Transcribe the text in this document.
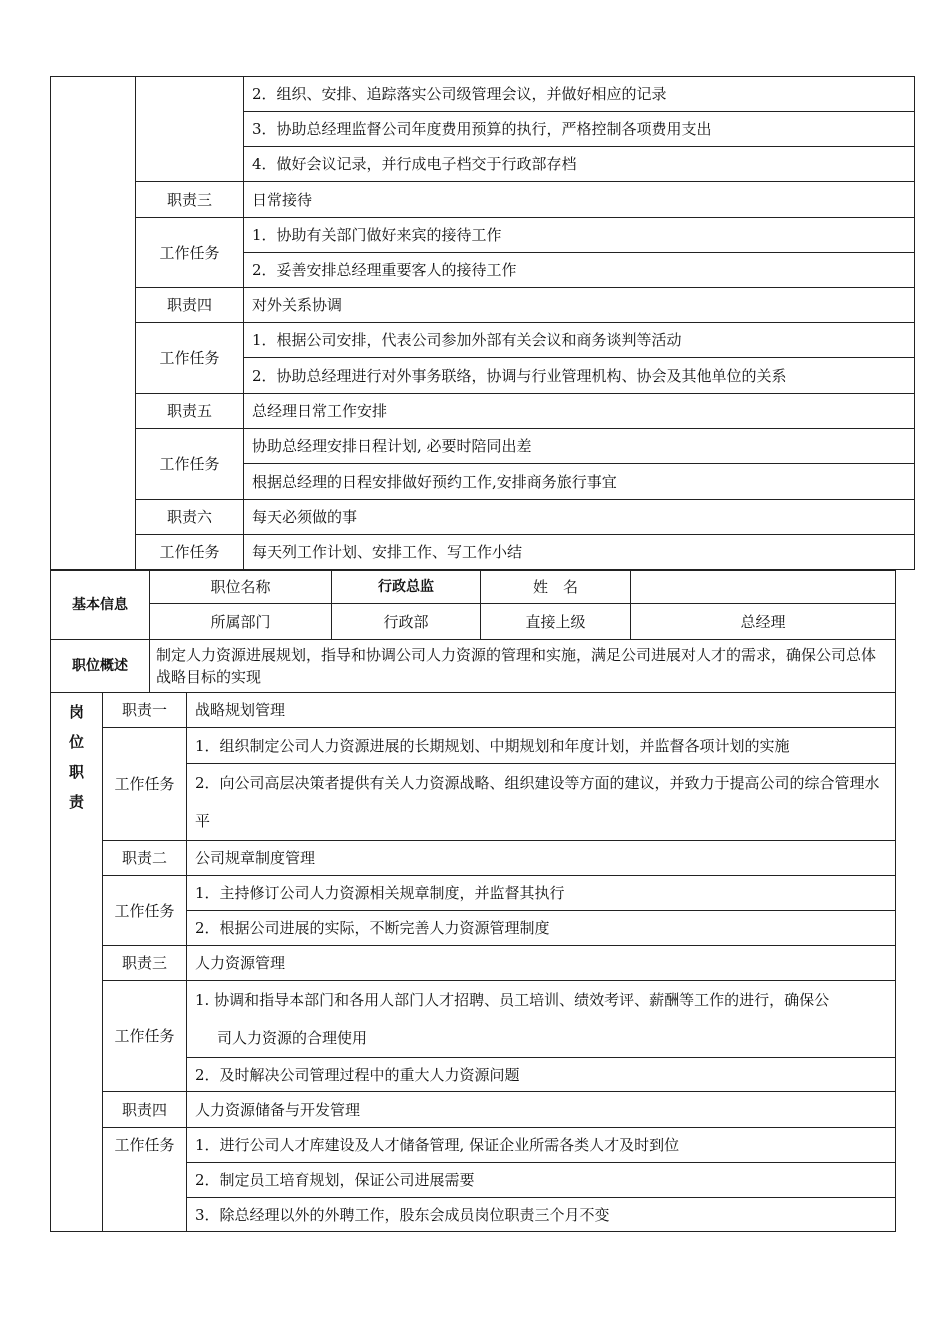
		2．组织、安排、追踪落实公司级管理会议，并做好相应的记录
		3．协助总经理监督公司年度费用预算的执行，严格控制各项费用支出
		4．做好会议记录，并行成电子档交于行政部存档
	职责三	日常接待
	工作任务	1．协助有关部门做好来宾的接待工作
		2．妥善安排总经理重要客人的接待工作
	职责四	对外关系协调
	工作任务	1．根据公司安排，代表公司参加外部有关会议和商务谈判等活动
		2．协助总经理进行对外事务联络，协调与行业管理机构、协会及其他单位的关系
	职责五	总经理日常工作安排
	工作任务	协助总经理安排日程计划, 必要时陪同出差
		根据总经理的日程安排做好预约工作,安排商务旅行事宜
	职责六	每天必须做的事
	工作任务	每天列工作计划、安排工作、写工作小结
基本信息		职位名称		行政总监	姓　名	
		所属部门		行政部	直接上级	总经理
职位概述		制定人力资源进展规划，指导和协调公司人力资源的管理和实施，满足公司进展对人才的需求，确保公司总体战略目标的实现				

岗
位
职
责	职责一		战略规划管理			
	工作任务		1．组织制定公司人力资源进展的长期规划、中期规划和年度计划，并监督各项计划的实施			
			2．向公司高层决策者提供有关人力资源战略、组织建设等方面的建议，并致力于提高公司的综合管理水平			
	职责二		公司规章制度管理			
	工作任务		1．主持修订公司人力资源相关规章制度，并监督其执行			
			2．根据公司进展的实际，不断完善人力资源管理制度			
	职责三		人力资源管理			
	工作任务		1. 协调和指导本部门和各用人部门人才招聘、员工培训、绩效考评、薪酬等工作的进行，确保公
司人力资源的合理使用			

			2．及时解决公司管理过程中的重大人力资源问题			
	职责四		人力资源储备与开发管理			
	工作任务		1．进行公司人才库建设及人才储备管理, 保证企业所需各类人才及时到位			
			2．制定员工培育规划，保证公司进展需要			
			3．除总经理以外的外聘工作，股东会成员岗位职责三个月不变			
